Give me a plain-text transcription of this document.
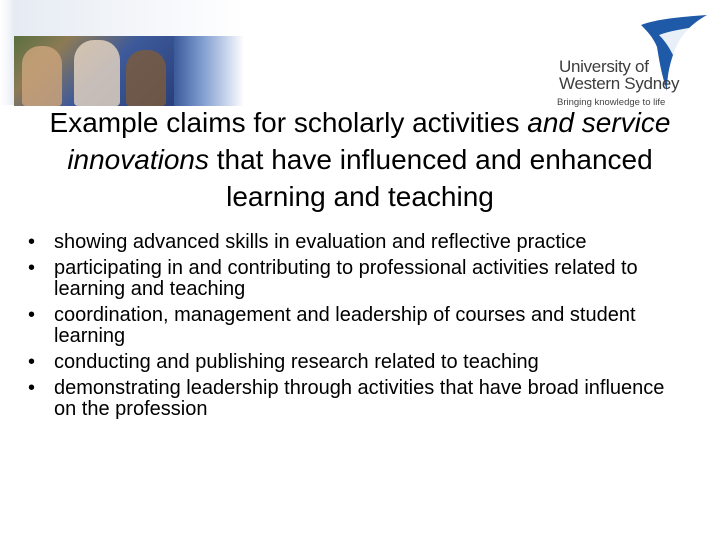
University of
Western Sydney
Bringing knowledge to life
Example claims for scholarly activities and service innovations that have influenced and enhanced learning and teaching
• showing advanced skills in evaluation and reflective practice
• participating in and contributing to professional activities related to learning and teaching
• coordination, management and leadership of courses and student learning
• conducting and publishing research related to teaching
• demonstrating leadership through activities that have broad influence on the profession
